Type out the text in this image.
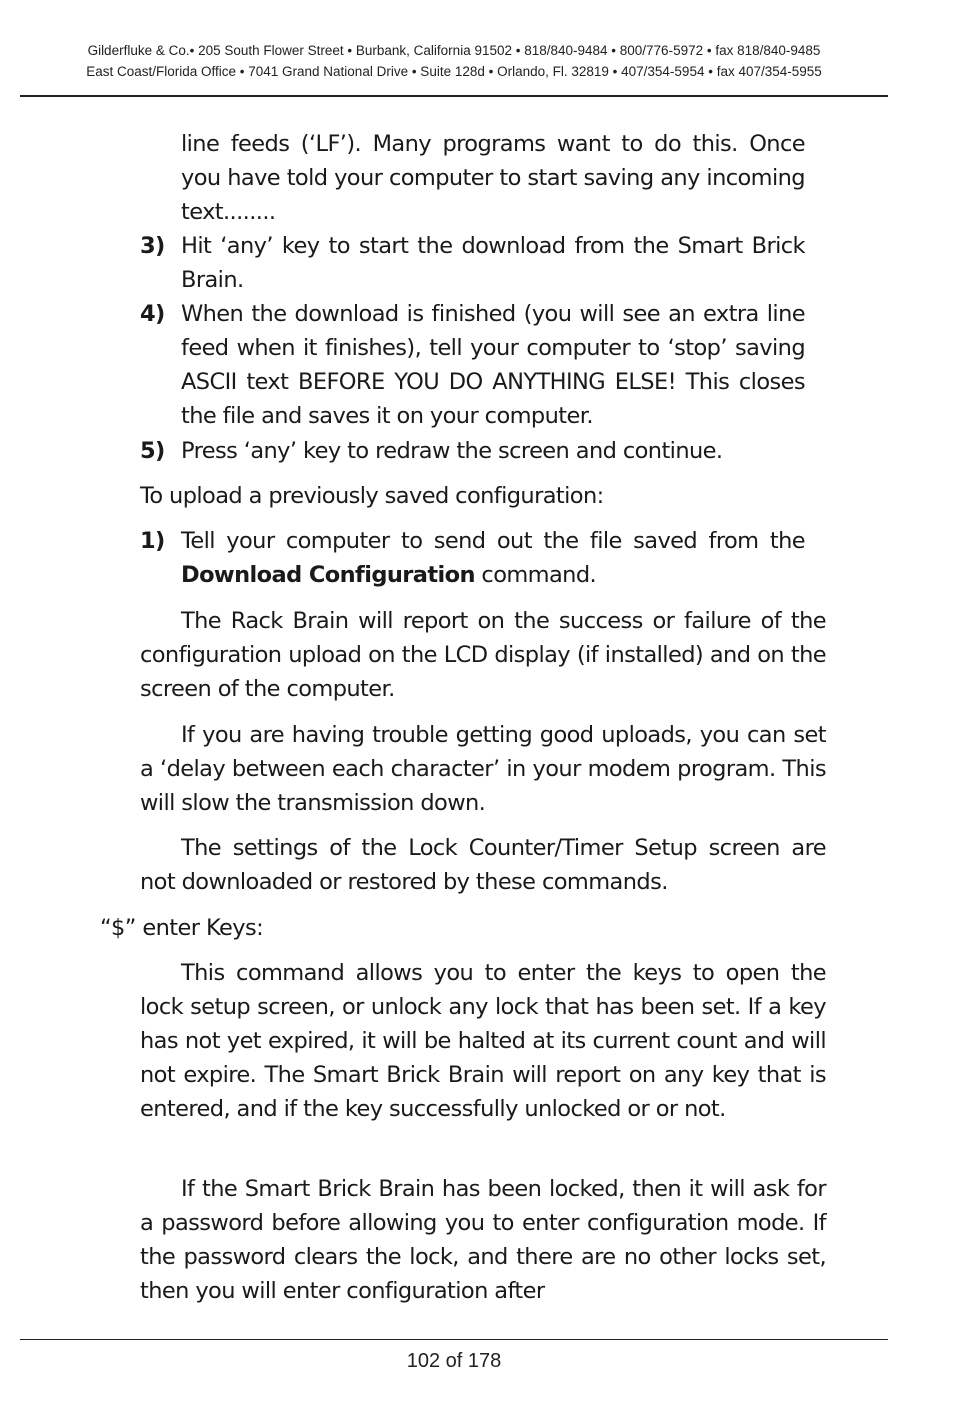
Gilderfluke & Co.• 205 South Flower Street • Burbank, California 91502 • 818/840-9484 • 800/776-5972 • fax 818/840-9485
East Coast/Florida Office • 7041 Grand National Drive • Suite 128d • Orlando, Fl. 32819 • 407/354-5954 • fax 407/354-5955
line feeds (‘LF’). Many programs want to do this. Once you have told your computer to start saving any incoming text........
3) Hit ‘any’ key to start the download from the Smart Brick Brain.
4) When the download is finished (you will see an extra line feed when it finishes), tell your computer to ‘stop’ saving ASCII text BEFORE YOU DO ANYTHING ELSE! This closes the file and saves it on your computer.
5) Press ‘any’ key to redraw the screen and continue.
To upload a previously saved configuration:
1) Tell your computer to send out the file saved from the Download Configuration command.
The Rack Brain will report on the success or failure of the configuration upload on the LCD display (if installed) and on the screen of the computer.
If you are having trouble getting good uploads, you can set a ‘delay between each character’ in your modem program. This will slow the transmission down.
The settings of the Lock Counter/Timer Setup screen are not downloaded or restored by these commands.
“$” enter Keys:
This command allows you to enter the keys to open the lock setup screen, or unlock any lock that has been set. If a key has not yet expired, it will be halted at its current count and will not expire. The Smart Brick Brain will report on any key that is entered, and if the key successfully unlocked or or not.
If the Smart Brick Brain has been locked, then it will ask for a password before allowing you to enter configuration mode. If the password clears the lock, and there are no other locks set, then you will enter configuration after
102 of 178
